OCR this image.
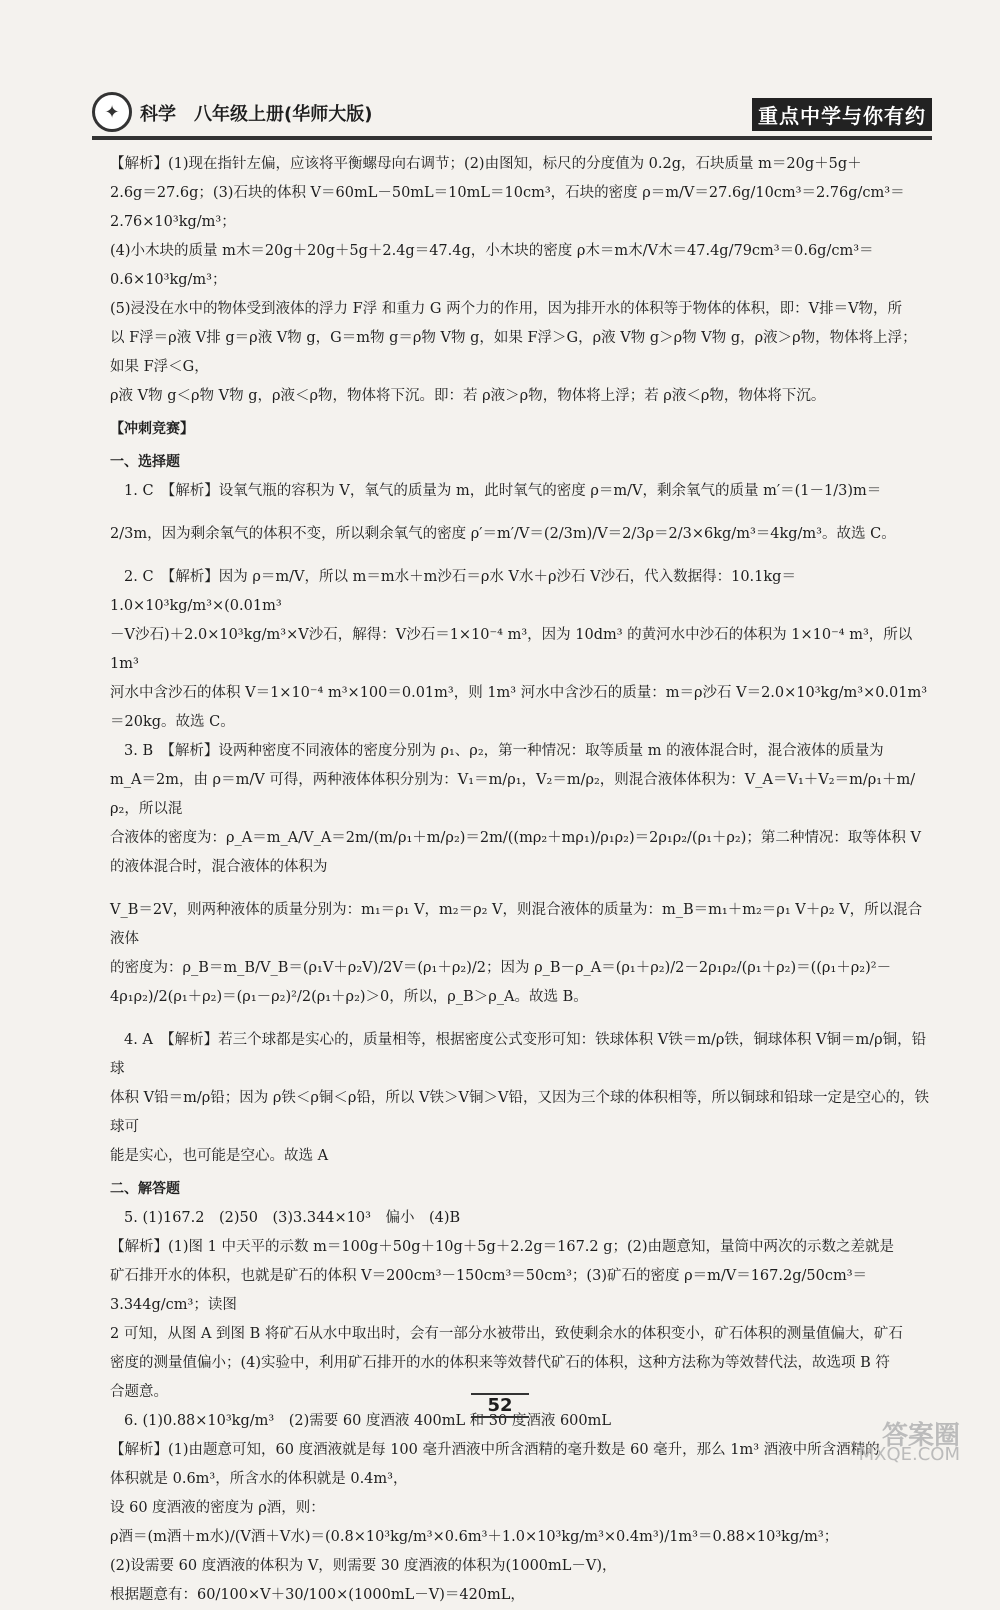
✦	科学　八年级上册(华师大版)	重点中学与你有约

【解析】(1)现在指针左偏，应该将平衡螺母向右调节；(2)由图知，标尺的分度值为 0.2g，石块质量 m＝20g＋5g＋

2.6g＝27.6g；(3)石块的体积 V＝60mL－50mL＝10mL＝10cm³，石块的密度 ρ＝m/V＝27.6g/10cm³＝2.76g/cm³＝2.76×10³kg/m³；

(4)小木块的质量 m木＝20g＋20g＋5g＋2.4g＝47.4g，小木块的密度 ρ木＝m木/V木＝47.4g/79cm³＝0.6g/cm³＝0.6×10³kg/m³；

(5)浸没在水中的物体受到液体的浮力 F浮 和重力 G 两个力的作用，因为排开水的体积等于物体的体积，即：V排＝V物，所

以 F浮＝ρ液 V排 g＝ρ液 V物 g，G＝m物 g＝ρ物 V物 g，如果 F浮＞G，ρ液 V物 g＞ρ物 V物 g，ρ液＞ρ物，物体将上浮；如果 F浮＜G，

ρ液 V物 g＜ρ物 V物 g，ρ液＜ρ物，物体将下沉。即：若 ρ液＞ρ物，物体将上浮；若 ρ液＜ρ物，物体将下沉。

【冲刺竞赛】

一、选择题

1. C　【解析】设氧气瓶的容积为 V，氧气的质量为 m，此时氧气的密度 ρ＝m/V，剩余氧气的质量 m′＝(1－1/3)m＝

2/3m，因为剩余氧气的体积不变，所以剩余氧气的密度 ρ′＝m′/V＝(2/3m)/V＝2/3ρ＝2/3×6kg/m³＝4kg/m³。故选 C。

2. C　【解析】因为 ρ＝m/V，所以 m＝m水＋m沙石＝ρ水 V水＋ρ沙石 V沙石，代入数据得：10.1kg＝1.0×10³kg/m³×(0.01m³

－V沙石)＋2.0×10³kg/m³×V沙石，解得：V沙石＝1×10⁻⁴ m³，因为 10dm³ 的黄河水中沙石的体积为 1×10⁻⁴ m³，所以 1m³

河水中含沙石的体积 V＝1×10⁻⁴ m³×100＝0.01m³，则 1m³ 河水中含沙石的质量：m＝ρ沙石 V＝2.0×10³kg/m³×0.01m³

＝20kg。故选 C。

3. B　【解析】设两种密度不同液体的密度分别为 ρ₁、ρ₂，第一种情况：取等质量 m 的液体混合时，混合液体的质量为

m_A＝2m，由 ρ＝m/V 可得，两种液体体积分别为：V₁＝m/ρ₁，V₂＝m/ρ₂，则混合液体体积为：V_A＝V₁＋V₂＝m/ρ₁＋m/ρ₂，所以混

合液体的密度为：ρ_A＝m_A/V_A＝2m/(m/ρ₁＋m/ρ₂)＝2m/((mρ₂＋mρ₁)/ρ₁ρ₂)＝2ρ₁ρ₂/(ρ₁＋ρ₂)；第二种情况：取等体积 V 的液体混合时，混合液体的体积为

V_B＝2V，则两种液体的质量分别为：m₁＝ρ₁ V，m₂＝ρ₂ V，则混合液体的质量为：m_B＝m₁＋m₂＝ρ₁ V＋ρ₂ V，所以混合液体

的密度为：ρ_B＝m_B/V_B＝(ρ₁V＋ρ₂V)/2V＝(ρ₁＋ρ₂)/2；因为 ρ_B－ρ_A＝(ρ₁＋ρ₂)/2－2ρ₁ρ₂/(ρ₁＋ρ₂)＝((ρ₁＋ρ₂)²－4ρ₁ρ₂)/2(ρ₁＋ρ₂)＝(ρ₁－ρ₂)²/2(ρ₁＋ρ₂)＞0，所以，ρ_B＞ρ_A。故选 B。

4. A　【解析】若三个球都是实心的，质量相等，根据密度公式变形可知：铁球体积 V铁＝m/ρ铁，铜球体积 V铜＝m/ρ铜，铅球

体积 V铅＝m/ρ铅；因为 ρ铁＜ρ铜＜ρ铅，所以 V铁＞V铜＞V铅，又因为三个球的体积相等，所以铜球和铅球一定是空心的，铁球可

能是实心，也可能是空心。故选 A

二、解答题

5. (1)167.2　(2)50　(3)3.344×10³　偏小　(4)B

【解析】(1)图 1 中天平的示数 m＝100g＋50g＋10g＋5g＋2.2g＝167.2 g；(2)由题意知，量筒中两次的示数之差就是

矿石排开水的体积，也就是矿石的体积 V＝200cm³－150cm³＝50cm³；(3)矿石的密度 ρ＝m/V＝167.2g/50cm³＝3.344g/cm³；读图

2 可知，从图 A 到图 B 将矿石从水中取出时，会有一部分水被带出，致使剩余水的体积变小，矿石体积的测量值偏大，矿石

密度的测量值偏小；(4)实验中，利用矿石排开的水的体积来等效替代矿石的体积，这种方法称为等效替代法，故选项 B 符

合题意。

6. (1)0.88×10³kg/m³　(2)需要 60 度酒液 400mL 和 30 度酒液 600mL

【解析】(1)由题意可知，60 度酒液就是每 100 毫升酒液中所含酒精的毫升数是 60 毫升，那么 1m³ 酒液中所含酒精的

体积就是 0.6m³，所含水的体积就是 0.4m³，

设 60 度酒液的密度为 ρ酒，则：

ρ酒＝(m酒＋m水)/(V酒＋V水)＝(0.8×10³kg/m³×0.6m³＋1.0×10³kg/m³×0.4m³)/1m³＝0.88×10³kg/m³；

(2)设需要 60 度酒液的体积为 V，则需要 30 度酒液的体积为(1000mL－V)，

根据题意有：60/100×V＋30/100×(1000mL－V)＝420mL，

52
答案圈
MXQE.COM
